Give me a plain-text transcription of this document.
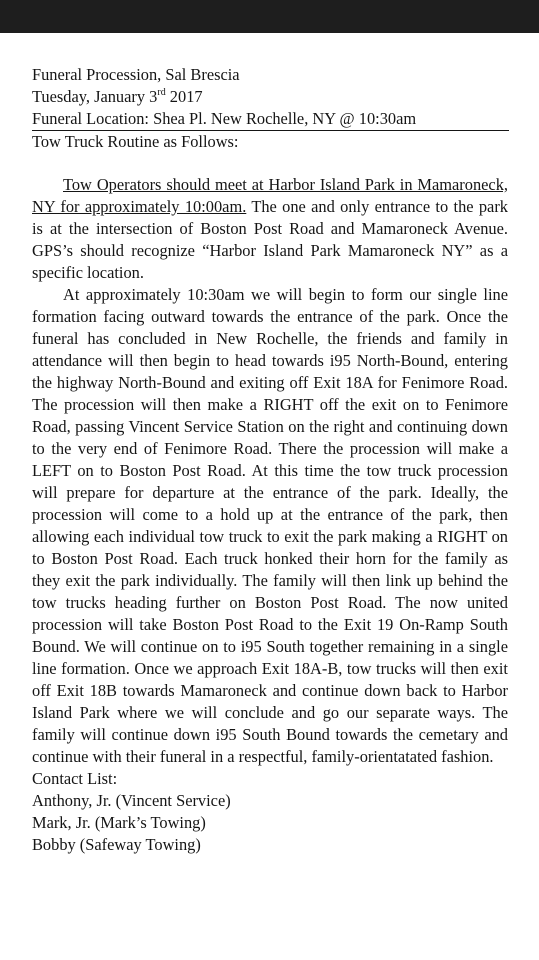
Funeral Procession, Sal Brescia
Tuesday, January 3rd 2017
Funeral Location: Shea Pl. New Rochelle, NY @ 10:30am
Tow Truck Routine as Follows:
Tow Operators should meet at Harbor Island Park in Mamaroneck, NY for approximately 10:00am. The one and only entrance to the park is at the intersection of Boston Post Road and Mamaroneck Avenue. GPS’s should recognize “Harbor Island Park Mamaroneck NY” as a specific location.
At approximately 10:30am we will begin to form our single line formation facing outward towards the entrance of the park. Once the funeral has concluded in New Rochelle, the friends and family in attendance will then begin to head towards i95 North-Bound, entering the highway North-Bound and exiting off Exit 18A for Fenimore Road. The procession will then make a RIGHT off the exit on to Fenimore Road, passing Vincent Service Station on the right and continuing down to the very end of Fenimore Road. There the procession will make a LEFT on to Boston Post Road. At this time the tow truck procession will prepare for departure at the entrance of the park. Ideally, the procession will come to a hold up at the entrance of the park, then allowing each individual tow truck to exit the park making a RIGHT on to Boston Post Road. Each truck honked their horn for the family as they exit the park individually. The family will then link up behind the tow trucks heading further on Boston Post Road. The now united procession will take Boston Post Road to the Exit 19 On-Ramp South Bound. We will continue on to i95 South together remaining in a single line formation. Once we approach Exit 18A-B, tow trucks will then exit off Exit 18B towards Mamaroneck and continue down back to Harbor Island Park where we will conclude and go our separate ways. The family will continue down i95 South Bound towards the cemetary and continue with their funeral in a respectful, family-orientatated fashion.
Contact List:
Anthony, Jr. (Vincent Service)
Mark, Jr. (Mark’s Towing)
Bobby (Safeway Towing)
